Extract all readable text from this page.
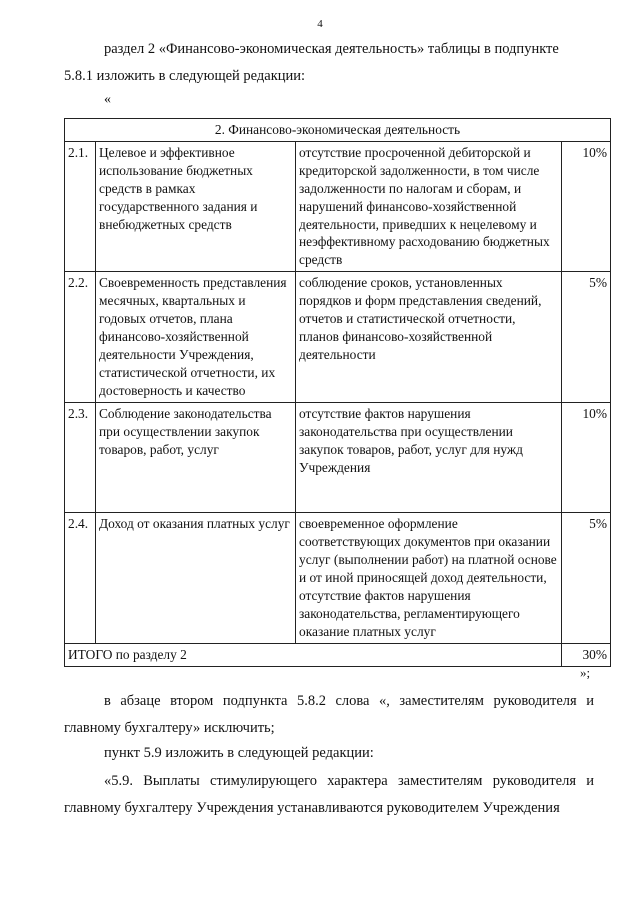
4
раздел 2 «Финансово-экономическая деятельность» таблицы в подпункте
5.8.1 изложить в следующей редакции:
«
2. Финансово-экономическая деятельность			
2.1.	Целевое и эффективное использование бюджетных средств в рамках государственного задания и внебюджетных средств	отсутствие просроченной дебиторской и кредиторской задолженности, в том числе задолженности по налогам и сборам, и нарушений финансово-хозяйственной деятельности, приведших к нецелевому и неэффективному расходованию бюджетных средств	10%
2.2.	Своевременность представления месячных, квартальных и годовых отчетов, плана финансово-хозяйственной деятельности Учреждения, статистической отчетности, их достоверность и качество	соблюдение сроков, установленных порядков и форм представления сведений, отчетов и статистической отчетности, планов финансово-хозяйственной деятельности	5%
2.3.	Соблюдение законодательства при осуществлении закупок товаров, работ, услуг	отсутствие фактов нарушения законодательства при осуществлении закупок товаров, работ, услуг для нужд Учреждения	10%
2.4.	Доход от оказания платных услуг	своевременное оформление соответствующих документов при оказании услуг (выполнении работ) на платной основе и от иной приносящей доход деятельности, отсутствие фактов нарушения законодательства, регламентирующего оказание платных услуг	5%
ИТОГО по разделу 2			30%
»;
в абзаце втором подпункта 5.8.2 слова «, заместителям руководителя и главному бухгалтеру» исключить;
пункт 5.9 изложить в следующей редакции:
«5.9. Выплаты стимулирующего характера заместителям руководителя и главному бухгалтеру Учреждения устанавливаются руководителем Учреждения
